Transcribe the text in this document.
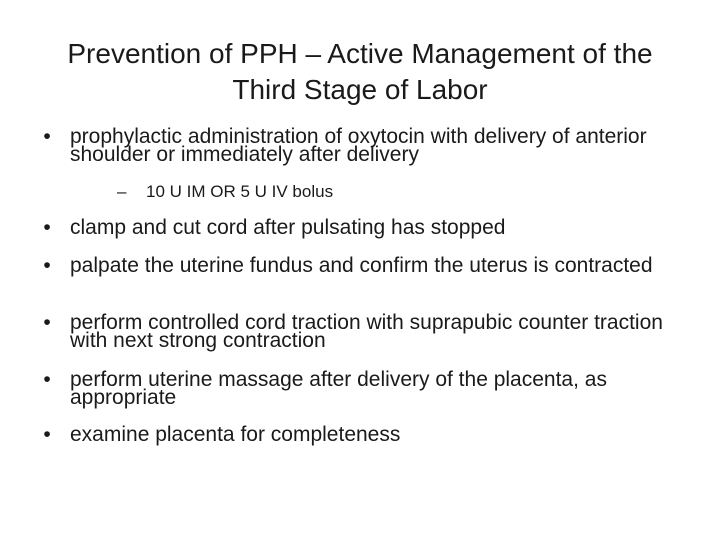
Prevention of PPH – Active Management of the Third Stage of Labor
• prophylactic administration of oxytocin with delivery of anterior shoulder or immediately after delivery
– 10 U IM OR 5 U IV bolus
• clamp and cut cord after pulsating has stopped
• palpate the uterine fundus and confirm the uterus is contracted
• perform controlled cord traction with suprapubic counter traction with next strong contraction
• perform uterine massage after delivery of the placenta, as appropriate
• examine placenta for completeness
